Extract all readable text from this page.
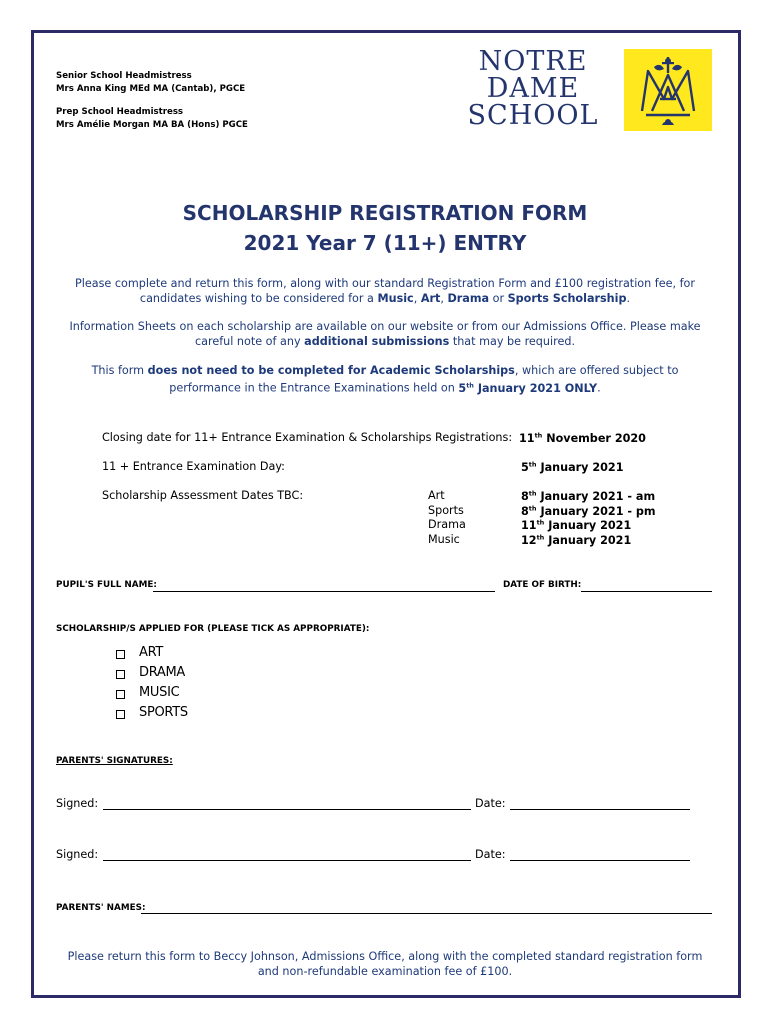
Senior School Headmistress
Mrs Anna King MEd MA (Cantab), PGCE
Prep School Headmistress
Mrs Amélie Morgan MA BA (Hons) PGCE
NOTRE
DAME
SCHOOL
SCHOLARSHIP REGISTRATION FORM
2021 Year 7 (11+) ENTRY
Please complete and return this form, along with our standard Registration Form and £100 registration fee, for
candidates wishing to be considered for a Music, Art, Drama or Sports Scholarship.
Information Sheets on each scholarship are available on our website or from our Admissions Office. Please make
careful note of any additional submissions that may be required.
This form does not need to be completed for Academic Scholarships, which are offered subject to
performance in the Entrance Examinations held on 5th January 2021 ONLY.
Closing date for 11+ Entrance Examination & Scholarships Registrations: 11th November 2020
11 + Entrance Examination Day:	5th January 2021
Scholarship Assessment Dates TBC:	Art	8th January 2021 - am
Sports	8th January 2021 - pm
Drama	11th January 2021
Music	12th January 2021
PUPIL'S FULL NAME:	DATE OF BIRTH:
SCHOLARSHIP/S APPLIED FOR (PLEASE TICK AS APPROPRIATE):
ART
DRAMA
MUSIC
SPORTS
PARENTS' SIGNATURES:
Signed:	Date:
Signed:	Date:
PARENTS' NAMES:
Please return this form to Beccy Johnson, Admissions Office, along with the completed standard registration form
and non-refundable examination fee of £100.
